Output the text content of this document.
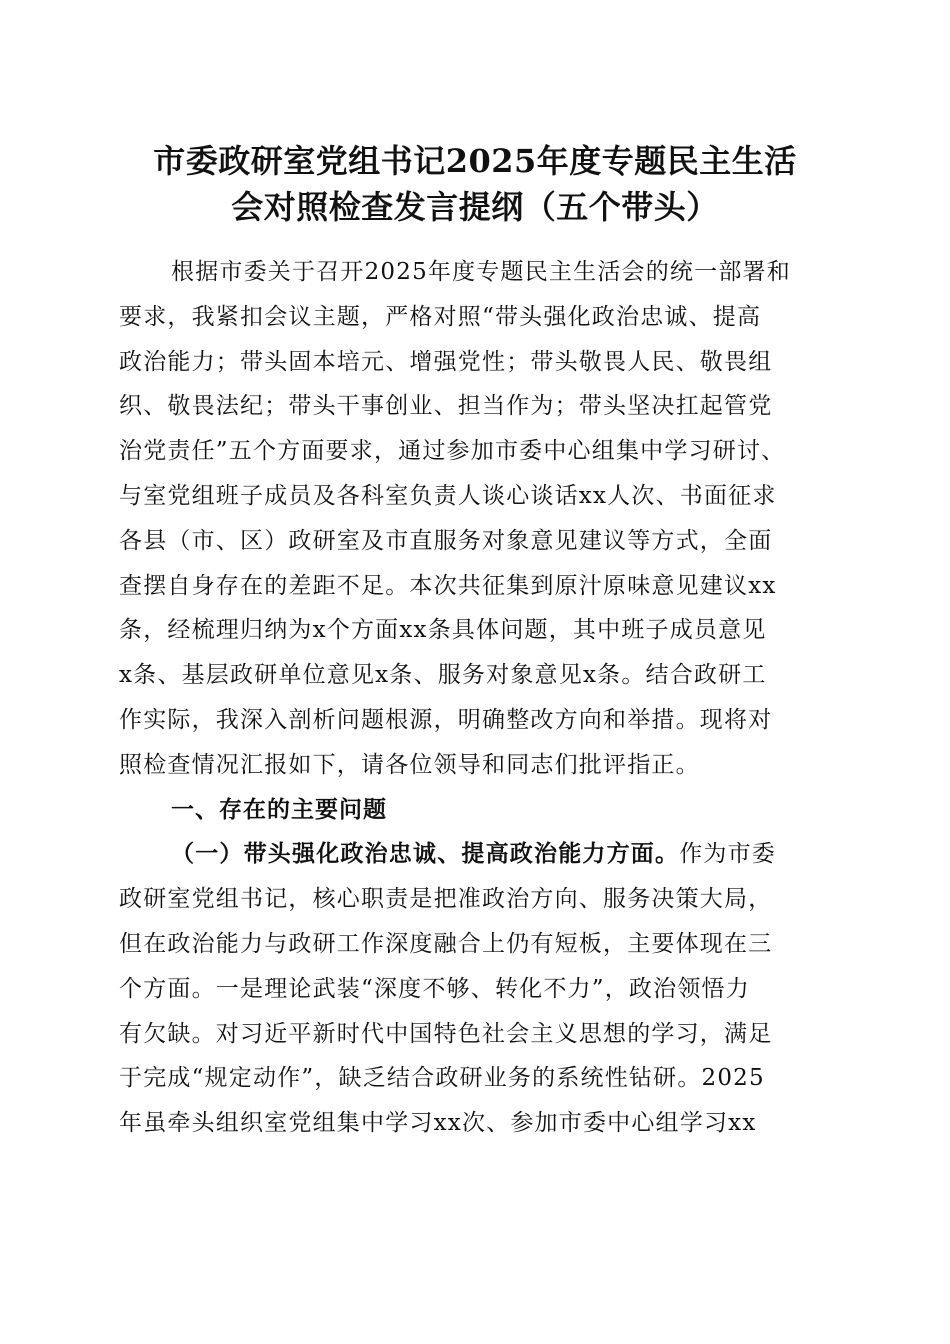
市委政研室党组书记2025年度专题民主生活
会对照检查发言提纲（五个带头）
根据市委关于召开2025年度专题民主生活会的统一部署和
要求，我紧扣会议主题，严格对照“带头强化政治忠诚、提高
政治能力；带头固本培元、增强党性；带头敬畏人民、敬畏组
织、敬畏法纪；带头干事创业、担当作为；带头坚决扛起管党
治党责任”五个方面要求，通过参加市委中心组集中学习研讨、
与室党组班子成员及各科室负责人谈心谈话xx人次、书面征求
各县（市、区）政研室及市直服务对象意见建议等方式，全面
查摆自身存在的差距不足。本次共征集到原汁原味意见建议xx
条，经梳理归纳为x个方面xx条具体问题，其中班子成员意见
x条、基层政研单位意见x条、服务对象意见x条。结合政研工
作实际，我深入剖析问题根源，明确整改方向和举措。现将对
照检查情况汇报如下，请各位领导和同志们批评指正。
一、存在的主要问题
（一）带头强化政治忠诚、提高政治能力方面。作为市委
政研室党组书记，核心职责是把准政治方向、服务决策大局，
但在政治能力与政研工作深度融合上仍有短板，主要体现在三
个方面。一是理论武装“深度不够、转化不力”，政治领悟力
有欠缺。对习近平新时代中国特色社会主义思想的学习，满足
于完成“规定动作”，缺乏结合政研业务的系统性钻研。2025
年虽牵头组织室党组集中学习xx次、参加市委中心组学习xx
